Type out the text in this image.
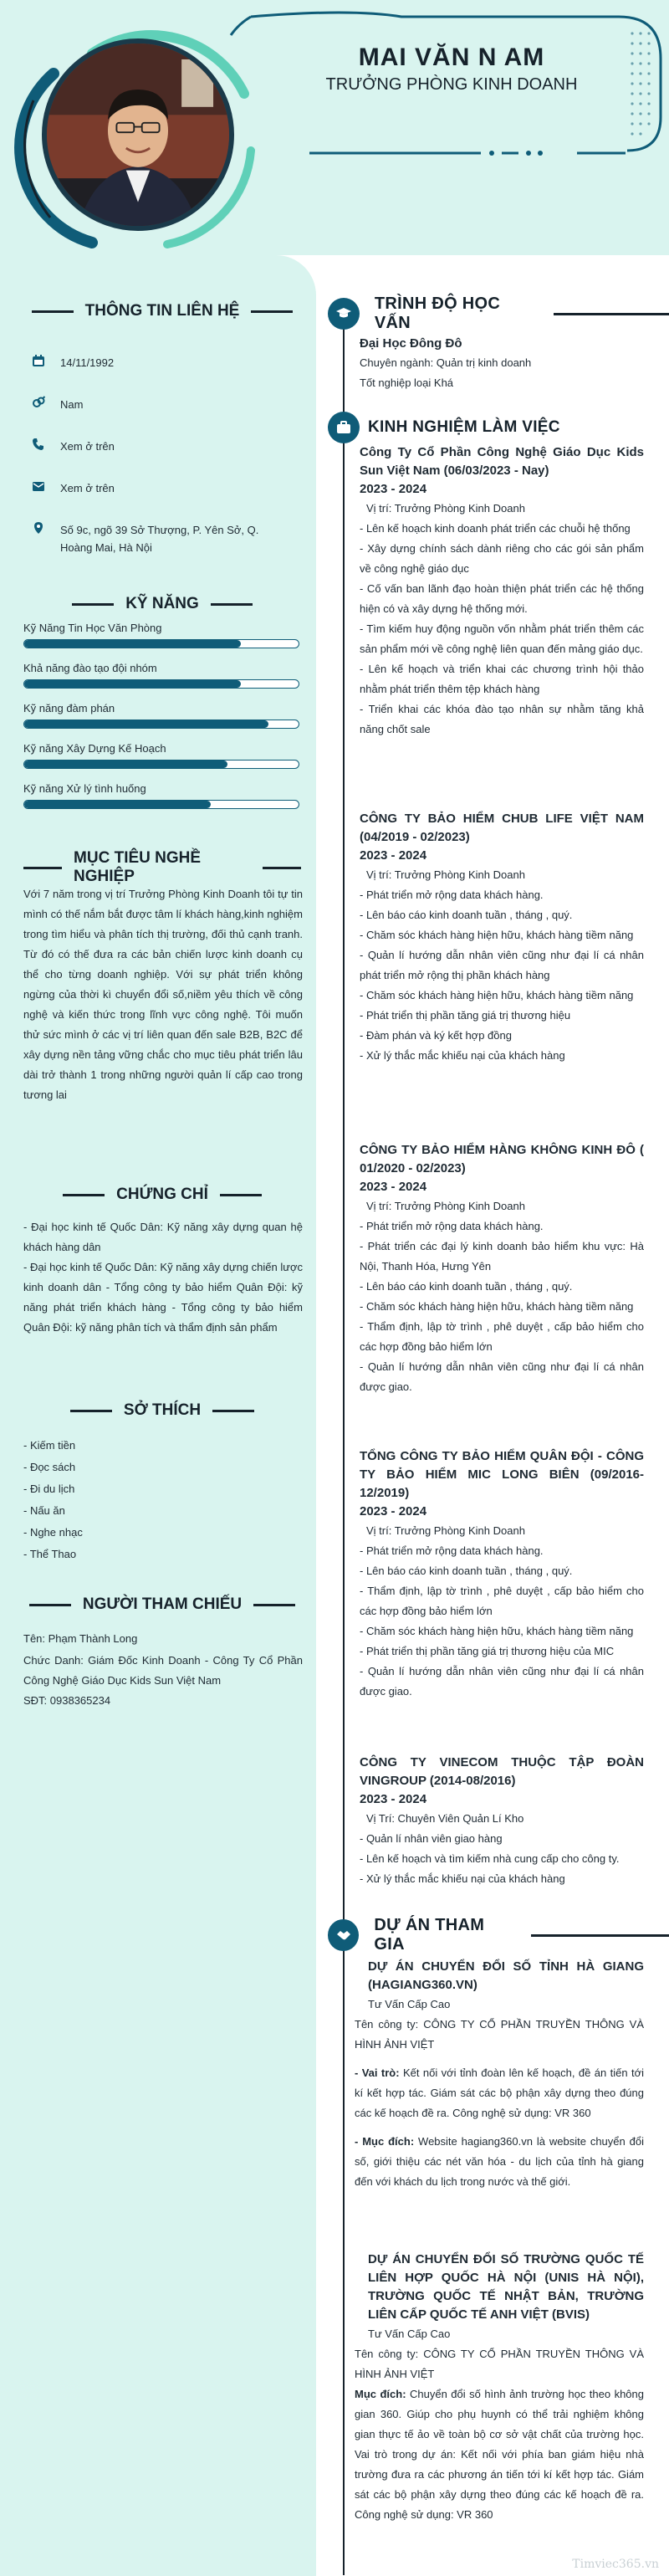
MAI VĂN N AM
TRƯỞNG PHÒNG KINH DOANH
THÔNG TIN LIÊN HỆ
14/11/1992
Nam
Xem ở trên
Xem ở trên
Số 9c, ngõ 39 Sở Thượng, P. Yên Sở, Q. Hoàng Mai, Hà Nội
KỸ NĂNG
Kỹ Năng Tin Học Văn Phòng
Khả năng đào tạo đội nhóm
Kỹ năng đàm phán
Kỹ năng Xây Dựng Kế Hoạch
Kỹ năng Xử lý tình huống
MỤC TIÊU NGHỀ NGHIỆP
Với 7 năm trong vị trí Trưởng Phòng Kinh Doanh tôi tự tin mình có thế nắm bắt được tâm lí khách hàng,kinh nghiệm trong tìm hiểu và phân tích thị trường, đối thủ cạnh tranh. Từ đó có thế đưa ra các bản chiến lược kinh doanh cụ thể cho từng doanh nghiệp. Với sự phát triển không ngừng của thời kì chuyển đổi số,niềm yêu thích về công nghệ và kiến thức trong lĩnh vực công nghệ. Tôi muốn thử sức mình ở các vị trí liên quan đến sale B2B, B2C để xây dựng nền tảng vững chắc cho mục tiêu phát triển lâu dài trở thành 1 trong những người quản lí cấp cao trong tương lai
CHỨNG CHỈ
- Đại học kinh tế Quốc Dân: Kỹ năng xây dựng quan hệ khách hàng dân
- Đại học kinh tế Quốc Dân: Kỹ năng xây dựng chiến lược kinh doanh dân - Tổng công ty bảo hiểm Quân Đội: kỹ năng phát triển khách hàng - Tổng công ty bảo hiểm Quân Đội: kỹ năng phân tích và thẩm định sản phẩm
SỞ THÍCH
- Kiếm tiền
- Đọc sách
- Đi du lịch
- Nấu ăn
- Nghe nhạc
- Thể Thao
NGƯỜI THAM CHIẾU
Tên: Phạm Thành Long
Chức Danh: Giám Đốc Kinh Doanh - Công Ty Cổ Phần Công Nghệ Giáo Dục Kids Sun Việt Nam
SĐT: 0938365234
TRÌNH ĐỘ HỌC VẤN
Đại Học Đông Đô
Chuyên ngành: Quản trị kinh doanh
Tốt nghiệp loại Khá
KINH NGHIỆM LÀM VIỆC
Công Ty Cổ Phần Công Nghệ Giáo Dục Kids Sun Việt Nam (06/03/2023 - Nay)
2023 - 2024
Vị trí: Trưởng Phòng Kinh Doanh
- Lên kế hoạch kinh doanh phát triển các chuỗi hệ thống
- Xây dựng chính sách dành riêng cho các gói sản phẩm về công nghệ giáo dục
- Cố vấn ban lãnh đạo hoàn thiện phát triển các hệ thống hiện có và xây dựng hệ thống mới.
- Tìm kiếm huy động nguồn vốn nhằm phát triển thêm các sản phẩm mới về công nghệ liên quan đến mảng giáo dục.
- Lên kế hoạch và triển khai các chương trình hội thảo nhằm phát triển thêm tệp khách hàng
- Triển khai các khóa đào tạo nhân sự nhằm tăng khả năng chốt sale
CÔNG TY BẢO HIỂM CHUB LIFE VIỆT NAM (04/2019 - 02/2023)
2023 - 2024
Vị trí: Trưởng Phòng Kinh Doanh
- Phát triển mở rộng data khách hàng.
- Lên báo cáo kinh doanh tuần , tháng , quý.
- Chăm sóc khách hàng hiện hữu, khách hàng tiềm năng
- Quản lí hướng dẫn nhân viên cũng như đại lí cá nhân phát triển mở rộng thị phần khách hàng
- Chăm sóc khách hàng hiện hữu, khách hàng tiềm năng
- Phát triển thị phần tăng giá trị thương hiệu
- Đàm phán và ký kết hợp đồng
- Xử lý thắc mắc khiếu nại của khách hàng
CÔNG TY BẢO HIỂM HÀNG KHÔNG KINH ĐÔ ( 01/2020 - 02/2023)
2023 - 2024
Vị trí: Trưởng Phòng Kinh Doanh
- Phát triển mở rộng data khách hàng.
- Phát triển các đại lý kinh doanh bảo hiểm khu vực: Hà Nội, Thanh Hóa, Hưng Yên
- Lên báo cáo kinh doanh tuần , tháng , quý.
- Chăm sóc khách hàng hiện hữu, khách hàng tiềm năng
- Thẩm định, lập tờ trình , phê duyệt , cấp bảo hiểm cho các hợp đồng bảo hiểm lớn
- Quản lí hướng dẫn nhân viên cũng như đại lí cá nhân được giao.
TỔNG CÔNG TY BẢO HIỂM QUÂN ĐỘI - CÔNG TY BẢO HIỂM MIC LONG BIÊN (09/2016-12/2019)
2023 - 2024
Vị trí: Trưởng Phòng Kinh Doanh
- Phát triển mở rộng data khách hàng.
- Lên báo cáo kinh doanh tuần , tháng , quý.
- Thẩm định, lập tờ trình , phê duyệt , cấp bảo hiểm cho các hợp đồng bảo hiểm lớn
- Chăm sóc khách hàng hiện hữu, khách hàng tiềm năng
- Phát triển thị phần tăng giá trị thương hiệu của MIC
- Quản lí hướng dẫn nhân viên cũng như đại lí cá nhân được giao.
CÔNG TY VINECOM THUỘC TẬP ĐOÀN VINGROUP (2014-08/2016)
2023 - 2024
Vị Trí: Chuyên Viên Quản Lí Kho
- Quản lí nhân viên giao hàng
- Lên kế hoạch và tìm kiếm nhà cung cấp cho công ty.
- Xử lý thắc mắc khiếu nại của khách hàng
DỰ ÁN THAM GIA
DỰ ÁN CHUYỂN ĐỔI SỐ TỈNH HÀ GIANG (HAGIANG360.VN)
Tư Vấn Cấp Cao
Tên công ty: CÔNG TY CỔ PHẦN TRUYỀN THÔNG VÀ HÌNH ẢNH VIỆT
- Vai trò: Kết nối với tỉnh đoàn lên kế hoạch, đề án tiến tới kí kết hợp tác. Giám sát các bộ phận xây dựng theo đúng các kế hoạch đề ra. Công nghệ sử dụng: VR 360
- Mục đích: Website hagiang360.vn là website chuyển đổi số, giới thiệu các nét văn hóa - du lịch của tỉnh hà giang đến với khách du lịch trong nước và thế giới.
DỰ ÁN CHUYỂN ĐỔI SỐ TRƯỜNG QUỐC TẾ LIÊN HỢP QUỐC HÀ NỘI (UNIS HÀ NỘI), TRƯỜNG QUỐC TẾ NHẬT BẢN, TRƯỜNG LIÊN CẤP QUỐC TẾ ANH VIỆT (BVIS)
Tư Vấn Cấp Cao
Tên công ty: CÔNG TY CỔ PHẦN TRUYỀN THÔNG VÀ HÌNH ẢNH VIỆT
Mục đích: Chuyển đổi số hình ảnh trường học theo không gian 360. Giúp cho phụ huynh có thể trải nghiệm không gian thực tế ảo về toàn bộ cơ sở vật chất của trường học. Vai trò trong dự án: Kết nối với phía ban giám hiệu nhà trường đưa ra các phương án tiến tới kí kết hợp tác. Giám sát các bộ phận xây dựng theo đúng các kế hoạch đề ra. Công nghệ sử dụng: VR 360
Timviec365.vn
